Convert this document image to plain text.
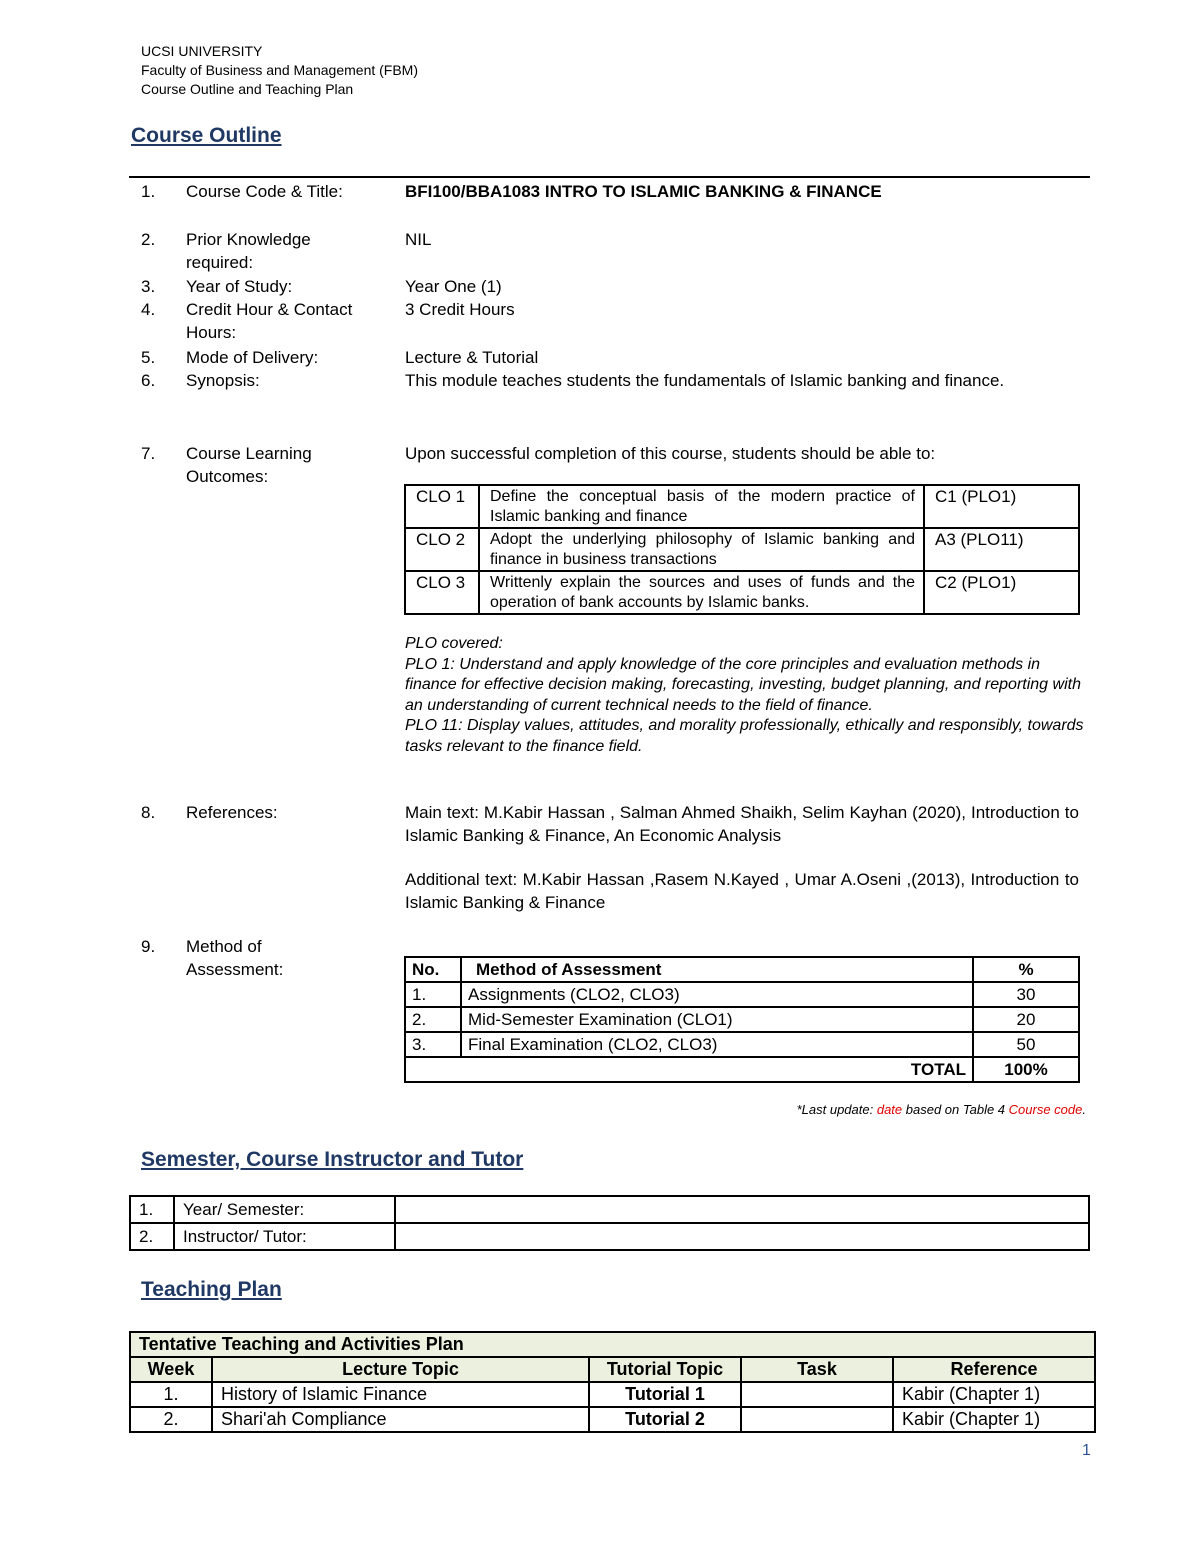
UCSI UNIVERSITY
Faculty of Business and Management (FBM)
Course Outline and Teaching Plan
Course Outline
1. Course Code & Title:	BFI100/BBA1083 INTRO TO ISLAMIC BANKING & FINANCE
2. Prior Knowledge required:
NIL
3. Year of Study:	Year One (1)
4. Credit Hour & Contact Hours:
3 Credit Hours
5. Mode of Delivery:	Lecture & Tutorial
6. Synopsis:	This module teaches students the fundamentals of Islamic banking and finance.
7. Course Learning Outcomes:
Upon successful completion of this course, students should be able to:
CLO 1	Define the conceptual basis of the modern practice of Islamic banking and finance	C1 (PLO1)
CLO 2	Adopt the underlying philosophy of Islamic banking and finance in business transactions	A3 (PLO11)
CLO 3	Writtenly explain the sources and uses of funds and the operation of bank accounts by Islamic banks.	C2 (PLO1)
PLO covered:
PLO 1: Understand and apply knowledge of the core principles and evaluation methods in finance for effective decision making, forecasting, investing, budget planning, and reporting with an understanding of current technical needs to the field of finance.
PLO 11: Display values, attitudes, and morality professionally, ethically and responsibly, towards tasks relevant to the finance field.
8. References:	Main text: M.Kabir Hassan , Salman Ahmed Shaikh, Selim Kayhan (2020), Introduction to Islamic Banking & Finance, An Economic Analysis
Additional text: M.Kabir Hassan ,Rasem N.Kayed , Umar A.Oseni ,(2013), Introduction to Islamic Banking & Finance
9. Method of Assessment:	No.	Method of Assessment	%
1.	Assignments (CLO2, CLO3)	30
2.	Mid-Semester Examination (CLO1)	20
3.	Final Examination (CLO2, CLO3)	50
TOTAL		100%
*Last update: date based on Table 4 Course code.
Semester, Course Instructor and Tutor
1.	Year/ Semester:	
2.	Instructor/ Tutor:	
Teaching Plan
Tentative Teaching and Activities Plan				
Week	Lecture Topic	Tutorial Topic	Task	Reference
1.	History of Islamic Finance	Tutorial 1		Kabir (Chapter 1)
2.	Shari'ah Compliance	Tutorial 2		Kabir (Chapter 1)
1
